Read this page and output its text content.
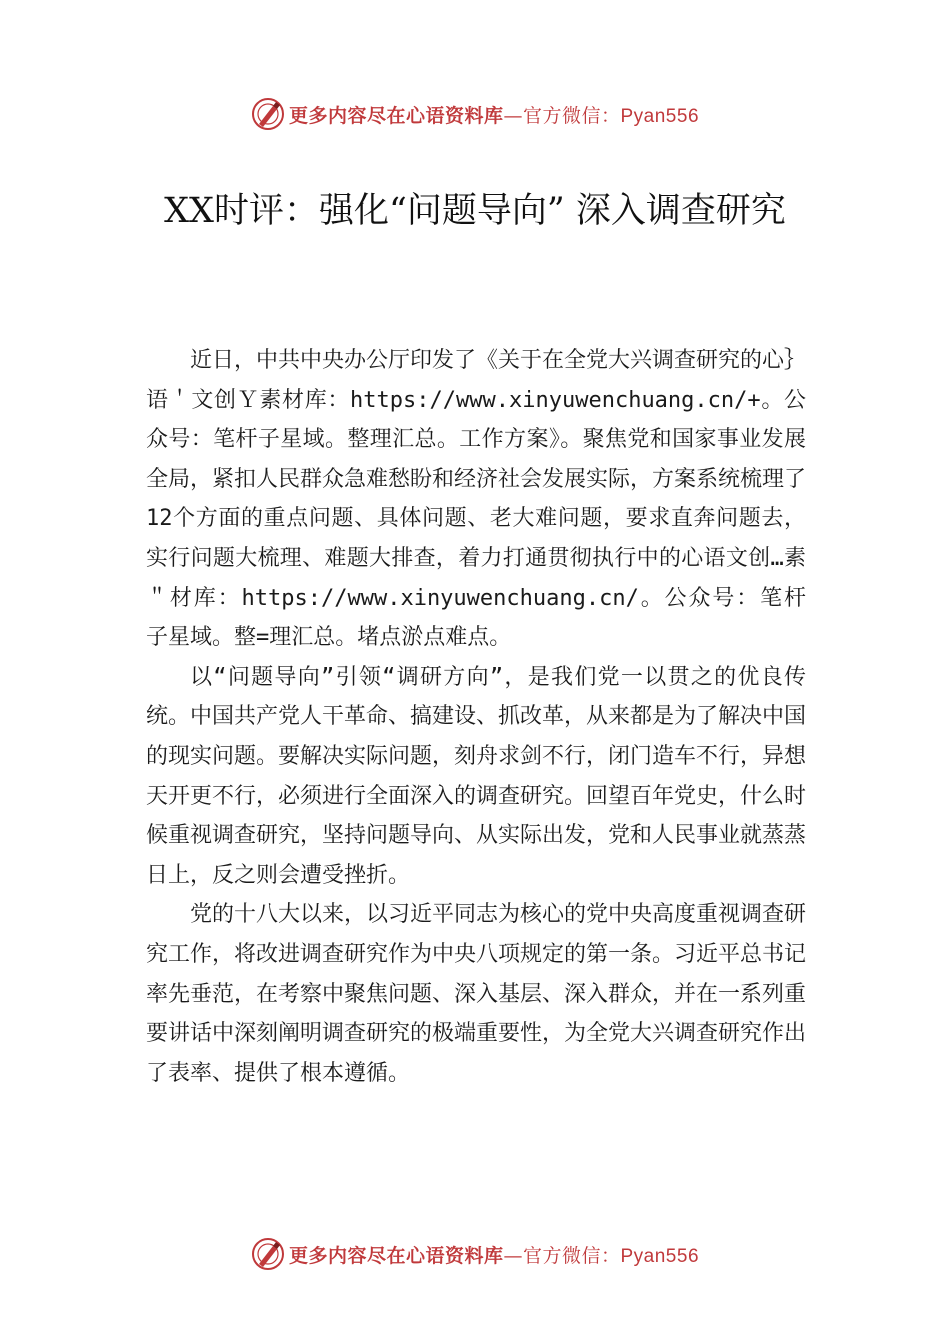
更多内容尽在心语资料库—官方微信：Pyan556
XX时评：强化“问题导向” 深入调查研究

近日，中共中央办公厅印发了《关于在全党大兴调查研究的心｝语＇文创Ｙ素材库：https://www.xinyuwenchuang.cn/+。公众号：笔杆子星域。整理汇总。工作方案》。聚焦党和国家事业发展全局，紧扣人民群众急难愁盼和经济社会发展实际，方案系统梳理了 12个方面的重点问题、具体问题、老大难问题，要求直奔问题去，实行问题大梳理、难题大排查，着力打通贯彻执行中的心语文创…素＂材库：https://www.xinyuwenchuang.cn/。公众号：笔杆子星域。整=理汇总。堵点淤点难点。

以“问题导向”引领“调研方向”，是我们党一以贯之的优良传统。中国共产党人干革命、搞建设、抓改革，从来都是为了解决中国的现实问题。要解决实际问题，刻舟求剑不行，闭门造车不行，异想天开更不行，必须进行全面深入的调查研究。回望百年党史，什么时候重视调查研究，坚持问题导向、从实际出发，党和人民事业就蒸蒸日上，反之则会遭受挫折。

党的十八大以来，以习近平同志为核心的党中央高度重视调查研究工作，将改进调查研究作为中央八项规定的第一条。习近平总书记率先垂范，在考察中聚焦问题、深入基层、深入群众，并在一系列重要讲话中深刻阐明调查研究的极端重要性，为全党大兴调查研究作出了表率、提供了根本遵循。

更多内容尽在心语资料库—官方微信：Pyan556
